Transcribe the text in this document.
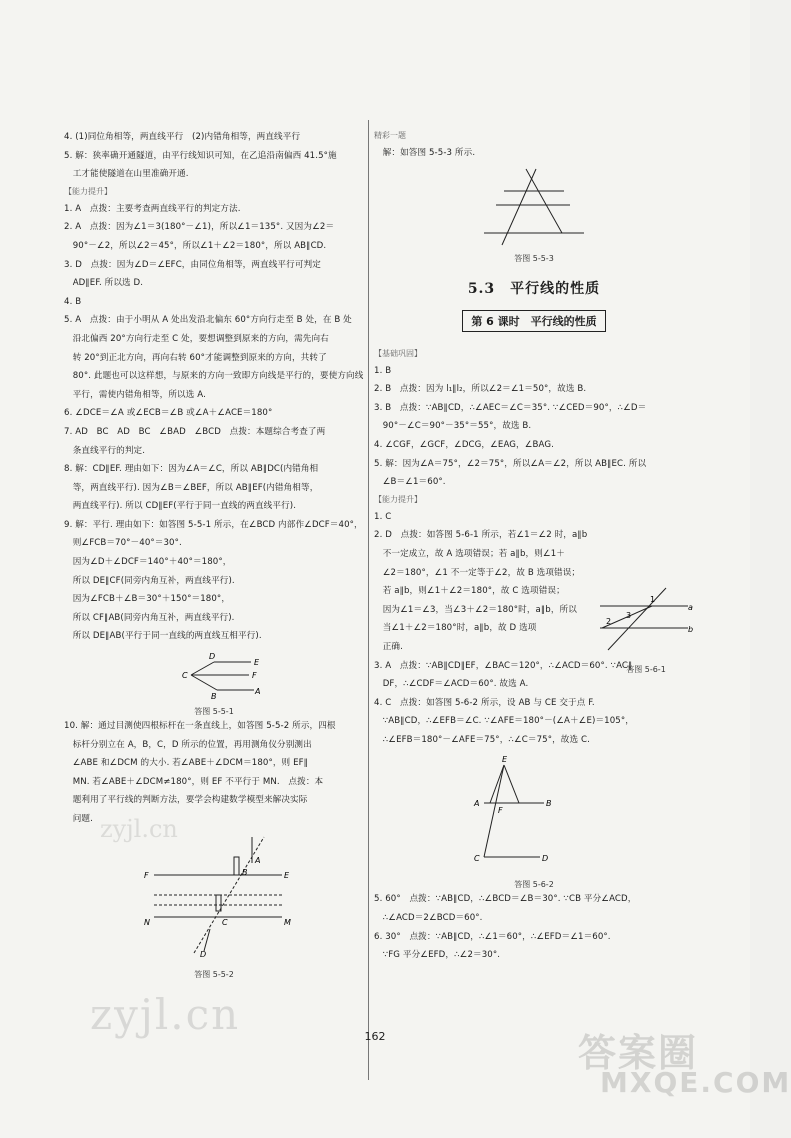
4. (1)同位角相等，两直线平行　(2)内错角相等，两直线平行
5. 解：狭率确开通隧道，由平行线知识可知，在乙追沿南偏西 41.5°施
　工才能使隧道在山里准确开通.
【能力提升】
1. A　点拨：主要考查两直线平行的判定方法.
2. A　点拨：因为∠1＝3(180°－∠1)，所以∠1＝135°. 又因为∠2＝
　90°－∠2，所以∠2＝45°，所以∠1＋∠2＝180°，所以 AB∥CD.
3. D　点拨：因为∠D＝∠EFC，由同位角相等，两直线平行可判定
　AD∥EF. 所以选 D.
4. B
5. A　点拨：由于小明从 A 处出发沿北偏东 60°方向行走至 B 处，在 B 处
　沿北偏西 20°方向行走至 C 处，要想调整到原来的方向，需先向右
　转 20°到正北方向，再向右转 60°才能调整到原来的方向，共转了
　80°. 此题也可以这样想，与原来的方向一致即方向线是平行的，要使方向线
　平行，需使内错角相等，所以选 A.
6. ∠DCE＝∠A 或∠ECB＝∠B 或∠A＋∠ACE＝180°
7. AD　BC　AD　BC　∠BAD　∠BCD　点拨：本题综合考查了两
　条直线平行的判定.
8. 解：CD∥EF. 理由如下：因为∠A＝∠C，所以 AB∥DC(内错角相
　等，两直线平行). 因为∠B＝∠BEF，所以 AB∥EF(内错角相等，
　两直线平行). 所以 CD∥EF(平行于同一直线的两直线平行).
9. 解：平行. 理由如下：如答图 5-5-1 所示，在∠BCD 内部作∠DCF＝40°，
　则∠FCB＝70°－40°＝30°.
　因为∠D＋∠DCF＝140°＋40°＝180°，
　所以 DE∥CF(同旁内角互补，两直线平行).
　因为∠FCB＋∠B＝30°＋150°＝180°，
　所以 CF∥AB(同旁内角互补，两直线平行).
　所以 DE∥AB(平行于同一直线的两直线互相平行).
D
E
C	F
B
A
答图 5-5-1
10. 解：通过目测使四根标杆在一条直线上，如答图 5-5-2 所示，四根
　标杆分别立在 A，B，C，D 所示的位置，再用测角仪分别测出
　∠ABE 和∠DCM 的大小. 若∠ABE＋∠DCM＝180°，则 EF∥
　MN. 若∠ABE＋∠DCM≠180°，则 EF 不平行于 MN.　点拨：本
　题利用了平行线的判断方法，要学会构建数学模型来解决实际
　问题.
F	E
N	M
A
B
C
D
答图 5-5-2
精彩一题
　解：如答图 5-5-3 所示.
答图 5-5-3
5.3　平行线的性质
第 6 课时　平行线的性质
【基础巩固】
1. B
2. B　点拨：因为 l₁∥l₂，所以∠2＝∠1＝50°，故选 B.
3. B　点拨：∵AB∥CD，∴∠AEC＝∠C＝35°. ∵∠CED＝90°，∴∠D＝
　90°－∠C＝90°－35°＝55°，故选 B.
4. ∠CGF，∠GCF，∠DCG，∠EAG，∠BAG.
5. 解：因为∠A＝75°，∠2＝75°，所以∠A＝∠2，所以 AB∥EC. 所以
　∠B＝∠1＝60°.
【能力提升】
1. C
2. D　点拨：如答图 5-6-1 所示，若∠1＝∠2 时，a∥b
　不一定成立，故 A 选项错误；若 a∥b，则∠1＋
　∠2＝180°，∠1 不一定等于∠2，故 B 选项错误；
　若 a∥b，则∠1＋∠2＝180°，故 C 选项错误；
　因为∠1＝∠3，当∠3＋∠2＝180°时，a∥b，所以
　当∠1＋∠2＝180°时，a∥b，故 D 选项
　正确.
3. A　点拨：∵AB∥CD∥EF，∠BAC＝120°，∴∠ACD＝60°. ∵AC∥
　DF，∴∠CDF＝∠ACD＝60°. 故选 A.
4. C　点拨：如答图 5-6-2 所示，设 AB 与 CE 交于点 F.
　∵AB∥CD，∴∠EFB＝∠C. ∵∠AFE＝180°－(∠A＋∠E)＝105°，
　∴∠EFB＝180°－∠AFE＝75°，∴∠C＝75°，故选 C.
E
A
F
B
C	D
答图 5-6-2
5. 60°　点拨：∵AB∥CD，∴∠BCD＝∠B＝30°. ∵CB 平分∠ACD，
　∴∠ACD＝2∠BCD＝60°.
6. 30°　点拨：∵AB∥CD，∴∠1＝60°，∴∠EFD＝∠1＝60°.
　∵FG 平分∠EFD，∴∠2＝30°.
a
b
1
2
3
答图 5-6-1
162
zyjl.cn
zyjl.cn
答案圈
MXQE.COM
